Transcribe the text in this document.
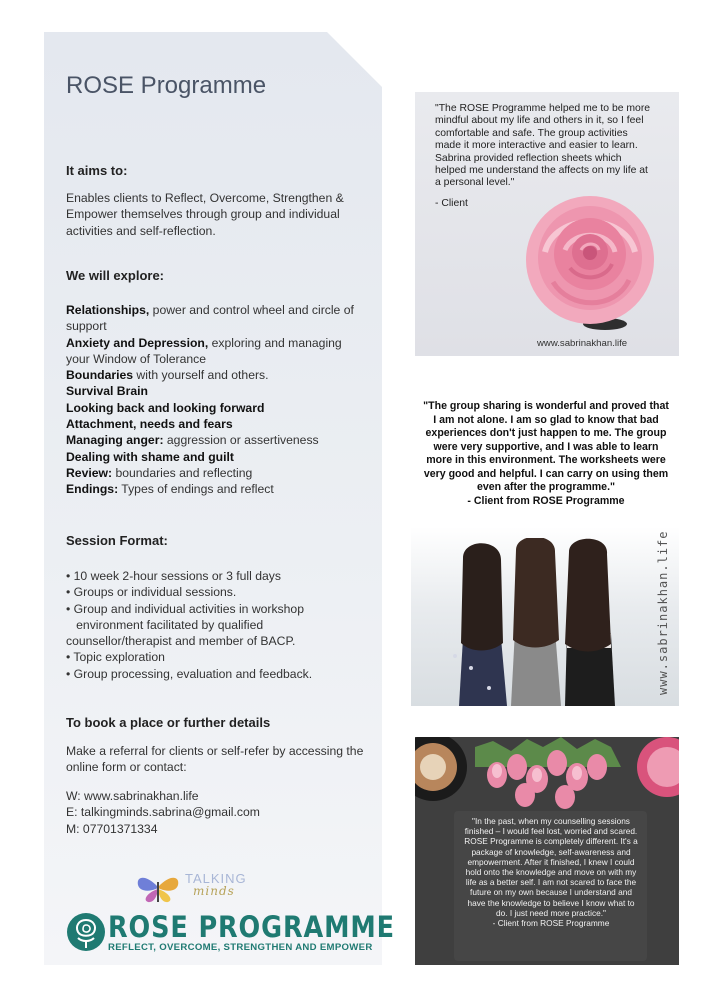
ROSE Programme
It aims to:

Enables clients to Reflect, Overcome, Strengthen & Empower themselves through group and individual activities and self-reflection.

We will explore:
Relationships, power and control wheel and circle of support
Anxiety and Depression, exploring and managing your Window of Tolerance
Boundaries with yourself and others.
Survival Brain
Looking back and looking forward
Attachment, needs and fears
Managing anger: aggression or assertiveness
Dealing with shame and guilt
Review: boundaries and reflecting
Endings: Types of endings and reflect
Session Format:
• 10 week 2-hour sessions or 3 full days
• Groups or individual sessions.
• Group and individual activities in workshop
environment facilitated by qualified
counsellor/therapist and member of BACP.
• Topic exploration
• Group processing, evaluation and feedback.
To book a place or further details

Make a referral for clients or self-refer by accessing the online form or contact:

W: www.sabrinakhan.life
E: talkingminds.sabrina@gmail.com
M: 07701371334
TALKING
minds
ROSE PROGRAMME
REFLECT, OVERCOME, STRENGTHEN AND EMPOWER

"The ROSE Programme helped me to be more mindful about my life and others in it, so I feel comfortable and safe. The group activities made it more interactive and easier to learn. Sabrina provided reflection sheets which helped me understand the affects on my life at a personal level."
- Client

www.sabrinakhan.life

"The group sharing is wonderful and proved that I am not alone. I am so glad to know that bad experiences don't just happen to me. The group were very supportive, and I was able to learn more in this environment. The worksheets were very good and helpful. I can carry on using them even after the programme."
- Client from ROSE Programme

www.sabrinakhan.life

"In the past, when my counselling sessions finished – I would feel lost, worried and scared. ROSE Programme is completely different. It's a package of knowledge, self-awareness and empowerment. After it finished, I knew I could hold onto the knowledge and move on with my life as a better self. I am not scared to face the future on my own because I understand and have the knowledge to believe I know what to do. I just need more practice."
- Client from ROSE Programme
